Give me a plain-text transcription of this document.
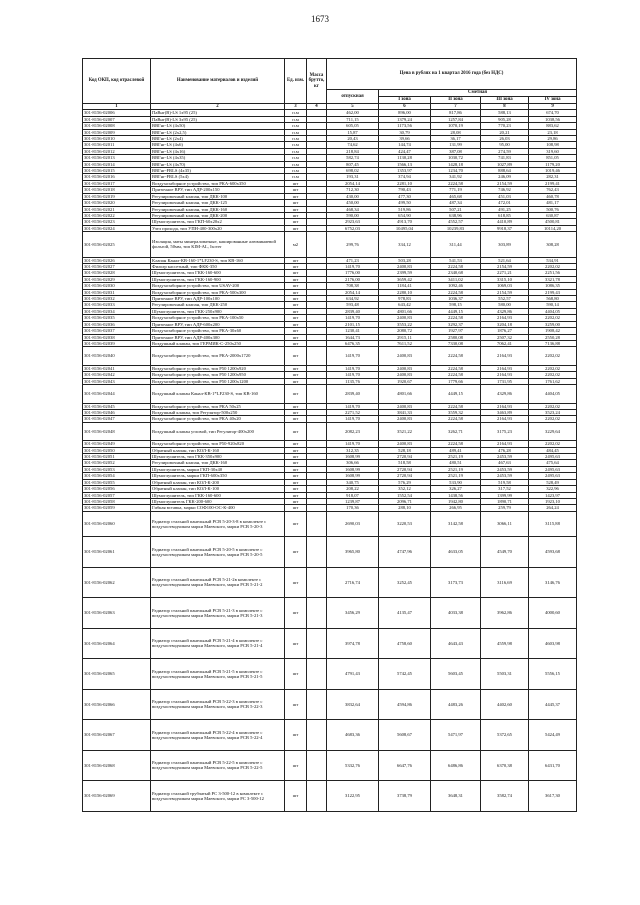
1673
Код ОКП, код отраслевой	Наименование материалов и изделий	Ед. изм.	Масса брутто, кг	Цена в рублях на 1 квартал 2016 года (без НДС)				
				отпускная	Сметная			
					I зона	II зона	III зона	IV зона
1	2	3	4	5	6	7	8	9
301-8156-02006	ПаВнг(В)-LS 1х95 (25)	п.м		462,00	896,00	817,86	588,13	674,70
301-8156-02007	ПаВнг(В)-LS 3х95 (25)	п.м		711,15	1379,24	1257,84	905,28	1038,56
301-8156-02008	ВВГнг-LS (4х50)	п.м		605,05	1173,56	1070,19	770,23	883,62
301-8156-02009	ВВГнг-LS (2х2,5)	п.м		15,87	30,79	28,08	20,21	23,18
301-8156-02010	ВВГнг-LS (2х4)	п.м		20,43	39,66	36,17	26,03	29,86
301-8156-02011	ВВГнг-LS (4х6)	п.м		74,62	144,74	131,99	95,00	108,98
301-8156-02012	ВВГнг-LS (4х16)	п.м		218,84	424,47	387,08	274,59	319,60
301-8156-02013	ВВГнг-LS (4х35)	п.м		582,74	1130,28	1030,72	741,83	851,05
301-8156-02014	ВВГнг-LS (4х70)	п.м		807,45	1566,13	1428,18	1027,89	1179,20
301-8156-02015	ВВГнг-FRLS (4х35)	п.м		698,02	1353,97	1234,70	888,64	1019,46
301-8156-02016	ВВГнг-FRLS (5х4)	п.м		193,31	374,94	341,92	246,09	282,31
301-8156-02017	Воздухозаборное устройство, тип РКА-600х350	шт		2054,14	2281,10	2224,58	2154,59	2199,41
301-8156-02018	Приточное ВРУ, тип АДР-200х150	шт		712,30	790,43	771,19	746,92	762,43
301-8156-02019	Регулировочный клапан, тип ДКК-100	шт		430,00	477,30	465,68	451,03	460,78
301-8156-02020	Регулировочный клапан, тип ДКК-125	шт		450,00	499,50	487,34	472,01	481,17
301-8156-02021	Регулировочный клапан, тип ДКК-160	шт		468,34	519,86	507,21	491,25	500,76
301-8156-02022	Регулировочный клапан, тип ДКК-200	шт		590,00	654,90	638,96	618,85	630,87
301-8156-02023	Шумоглушитель, тип ГКП-60х20х2	шт		2923,63	4913,70	4552,57	4410,89	4500,81
301-8156-02024	Узел прохода, тип УПН-400-300х20	шт		6752,03	10495,04	10239,83	9918,37	10114,20
301-8156-02025	Изоляция, маты минераловатные, кашированные алюминиевой фольгой, 50мм, тип KIM-AL, Isover	м2		299,76	334,12	311,44	303,89	308,28
301-8156-02026	Клапан Канал-КВ-160-1*LF230-S, тип КВ-160	шт		471,23	503,28	541,53	521,64	534,91
301-8156-02027	Фильтр кассетный, тип ФКК-350	шт		1419,70	2400,83	2224,58	2154,59	2202,02
301-8156-02028	Шумоглушитель, тип ГКК-160-600	шт		1776,00	2399,59	2340,68	2271,21	2251,56
301-8156-02029	Шумоглушитель, тип ГКК-160-900	шт		2176,00	3659,42	3411,02	3315,10	3321,78
301-8156-02030	Воздухозаборное устройство, тип USAV-200	шт		708,38	1184,41	1092,46	1069,03	1086,35
301-8156-02031	Воздухозаборное устройство, тип РКА-500х300	шт		2054,14	2280,10	2224,58	2154,59	2199,43
301-8156-02032	Приточное ВРУ, тип АДР-100х100	шт		634,92	978,83	1036,37	552,57	568,80
301-8156-02033	Регулировочный клапан, тип ДКК-250	шт		593,48	643,42	598,15	580,00	590,14
301-8156-02034	Шумоглушитель, тип ГКК-250х900	шт		2839,40	4801,66	4449,15	4329,86	4404,05
301-8156-02035	Воздухозаборное устройство, тип РКА-100х50	шт		1419,70	2400,83	2224,58	2164,93	2202,02
301-8156-02036	Приточное ВРУ, тип АДР-600х200	шт		2101,15	3553,22	3292,37	3204,18	3259,00
301-8156-02037	Воздухозаборное устройство, тип РКА-30х60	шт		1230,41	2080,72	1927,97	1876,27	1908,42
301-8156-02038	Приточное ВРУ, тип АДР-400х300	шт		1644,73	2915,11	2580,08	2507,32	2550,28
301-8156-02039	Воздушный клапан, тип ГЕРМИК-С-250х250	шт		6476,35	7611,52	7330,08	7062,41	7136,88
301-8156-02040	Воздухозаборное устройство, тип РКА-2000х1720	шт		1419,70	2400,83	2224,58	2164,93	2202,02
301-8156-02041	Воздухозаборное устройство, тип Р50 1200х920	шт		1419,70	2400,83	2224,58	2164,93	2202,02
301-8156-02042	Воздухозаборное устройство, тип Р50 1200х950	шт		1419,70	2400,83	2224,58	2164,93	2202,02
301-8156-02043	Воздухозаборное устройство, тип Р50 1200х1200	шт		1135,76	1920,67	1779,66	1731,95	1761,62
301-8156-02044	Воздушный клапан Канал-КВ-1*LF230-S, тип КВ-160	шт		2839,40	4801,66	4449,15	4329,86	4404,05
301-8156-02045	Воздухозаборное устройство, тип РКА 50х25	шт		1419,70	2400,83	2224,58	2164,93	2202,02
301-8156-02046	Воздушный клапан, тип Регулятор-500х250	шт		2271,52	3841,33	3559,32	3463,89	3523,24
301-8156-02047	Воздухозаборное устройство, тип РКА 40х20	шт		1419,70	2400,83	2224,58	2164,93	2202,02
301-8156-02048	Воздушный клапан угловой, тип Регулятор-400х200	шт		2082,23	3521,22	3262,71	3175,23	3229,64
301-8156-02049	Воздухозаборное устройство, тип Р50-920х820	шт		1419,70	2400,83	2224,58	2164,93	2202,02
301-8156-02050	Обратный клапан, тип КОЛ-К-160	шт		312,35	528,18	489,41	476,28	484,45
301-8156-02051	Шумоглушитель, тип ГКК-350х900	шт		1608,99	2720,94	2521,19	2453,59	2495,63
301-8156-02052	Регулировочный клапан, тип ДКК-160	шт		306,66	518,58	480,51	467,63	475,64
301-8156-02053	Шумоглушитель, марки ГКП-30х40	шт		1608,99	2720,94	2521,19	2453,59	2495,63
301-8156-02054	Шумоглушитель, марки ГКП-600х350	шт		1608,99	2720,94	2521,19	2453,59	2495,63
301-8156-02055	Обратный клапан, тип КОЛ-К-200	шт		340,75	576,29	533,90	519,58	528,49
301-8156-02056	Обратный клапан, тип КОЛ-К-100	шт		208,22	352,12	326,27	317,52	322,96
301-8156-02057	Шумоглушитель, тип ГКК-160-600	шт		918,07	1552,54	1438,56	1399,99	1423,97
301-8156-02058	Шумоглушитель ГКК-200-600	шт		1239,87	2096,71	1942,80	1890,71	1923,10
301-8156-02059	Гибкая вставка, марки СОФ100-ОС-К-400	шт		170,36	288,10	266,95	259,79	264,24
301-8156-02060	Радиатор стальной панельный РСВ 5-20-3-8 в комплекте с воздухоотводчиком марки Маевского, марки РСВ 5-20-3	шт		2690,03	3220,53	3142,58	3066,11	3115,88
301-8156-02061	Радиатор стальной панельный РСВ 5-20-5 в комплекте с воздухоотводчиком марки Маевского, марки РСВ 5-20-5	шт		3965,80	4747,96	4633,05	4549,70	4593,68
301-8156-02062	Радиатор стальной панельный РСВ 5-21-2в комплекте с воздухоотводчиком марки Маевского, марки РСВ 5-21-2	шт		2716,74	3252,45	3173,73	3116,69	3146,76
301-8156-02063	Радиатор стальной панельный РСВ 5-21-3 в комплекте с воздухоотводчиком марки Маевского, марки РСВ 5-21-3	шт		3456,29	4135,47	4033,38	3962,86	4000,60
301-8156-02064	Радиатор стальной панельный РСВ 5-21-4 в комплекте с воздухоотводчиком марки Маевского, марки РСВ 5-21-4	шт		3974,78	4758,60	4643,43	4559,98	4603,98
301-8156-02065	Радиатор стальной панельный РСВ 5-21-5 в комплекте с воздухоотводчиком марки Маевского, марки РСВ 5-21-5	шт		4791,43	5742,45	5603,45	5503,31	5556,15
301-8156-02066	Радиатор стальной панельный РСВ 5-22-3 в комплекте с воздухоотводчиком марки Маевского, марки РСВ 5-22-3	шт		3832,64	4594,86	4483,26	4402,60	4445,37
301-8156-02067	Радиатор стальной панельный РСВ 5-22-4 в комплекте с воздухоотводчиком марки Маевского, марки РСВ 5-22-4	шт		4683,36	5608,67	5471,97	5372,65	5424,49
301-8156-02068	Радиатор стальной панельный РСВ 5-22-5 в комплекте с воздухоотводчиком марки Маевского, марки РСВ 5-22-5	шт		5332,76	6647,76	6486,86	6370,38	6431,70
301-8156-02069	Радиатор стальной трубчатый РС 3-500-12 в комплекте с воздухоотводчиком марки Маевского, марки РС 3-500-12	шт		3122,95	3738,79	3648,31	3582,74	3617,30
